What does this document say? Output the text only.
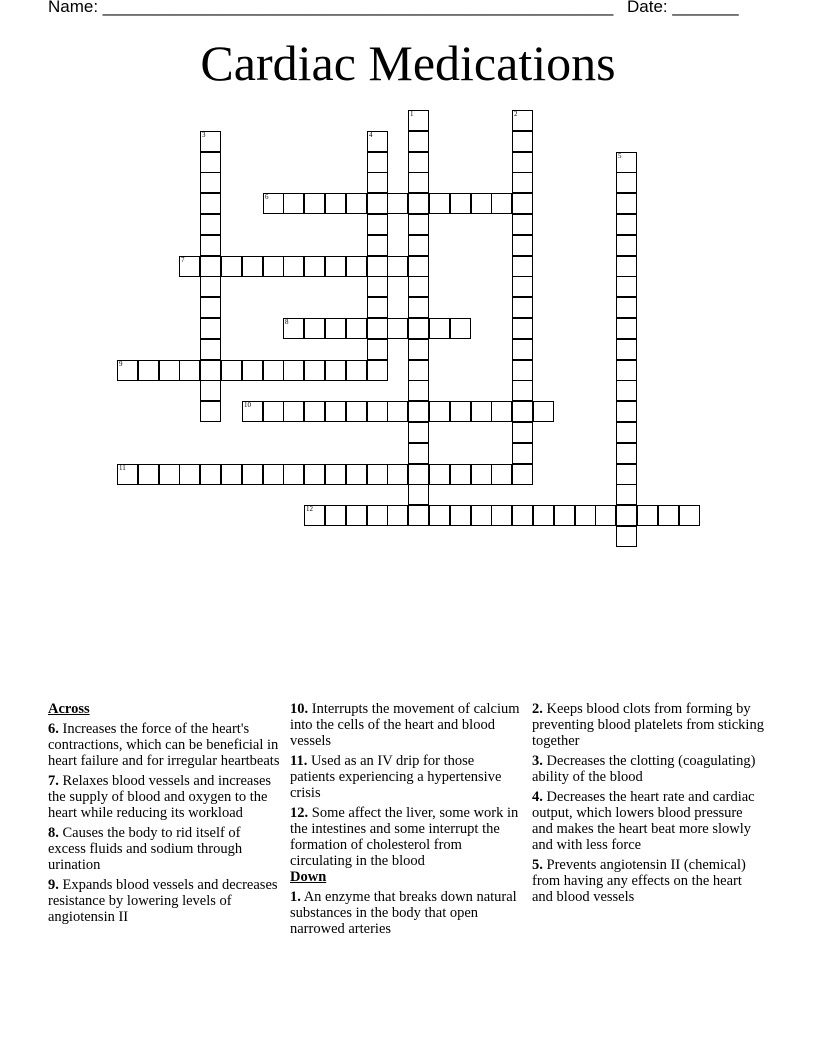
Name: ______________________________________________________ Date: _______
Cardiac Medications
1	2
3	4
5
6
7
8
9
10
11
12
Across
6. Increases the force of the heart's contractions, which can be beneficial in heart failure and for irregular heartbeats
7. Relaxes blood vessels and increases the supply of blood and oxygen to the heart while reducing its workload
8. Causes the body to rid itself of excess fluids and sodium through urination
9. Expands blood vessels and decreases resistance by lowering levels of angiotensin II
10. Interrupts the movement of calcium into the cells of the heart and blood vessels
11. Used as an IV drip for those patients experiencing a hypertensive crisis
12. Some affect the liver, some work in the intestines and some interrupt the formation of cholesterol from circulating in the blood
Down
1. An enzyme that breaks down natural substances in the body that open narrowed arteries
2. Keeps blood clots from forming by preventing blood platelets from sticking together
3. Decreases the clotting (coagulating) ability of the blood
4. Decreases the heart rate and cardiac output, which lowers blood pressure and makes the heart beat more slowly and with less force
5. Prevents angiotensin II (chemical) from having any effects on the heart and blood vessels
